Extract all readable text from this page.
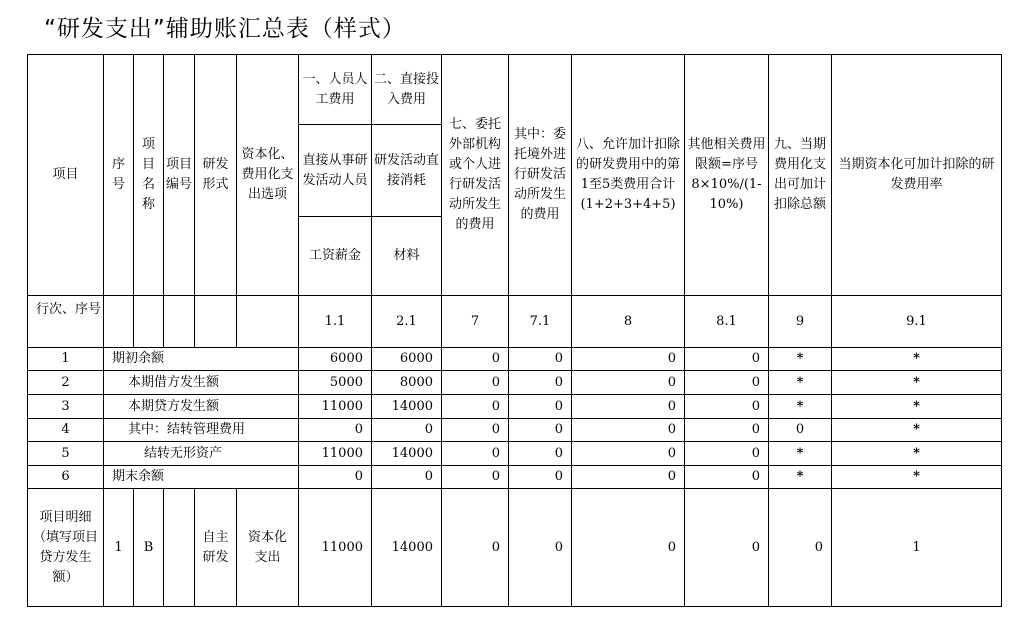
“研发支出”辅助账汇总表（样式）
项目	序号	项目名称	项目编号	研发形式	资本化、费用化支出选项	一、人员人工费用	二、直接投入费用	七、委托外部机构或个人进行研发活动所发生的费用	其中：委托境外进行研发活动所发生的费用	八、允许加计扣除的研发费用中的第1至5类费用合计(1+2+3+4+5)	其他相关费用限额=序号8×10%/(1-10%)	九、当期费用化支出可加计扣除总额	当期资本化可加计扣除的研发费用率
						直接从事研发活动人员	研发活动直接消耗						
						工资薪金	材料						
行次、序号						1.1	2.1	7	7.1	8	8.1	9	9.1
1	期初余额					6000	6000	0	0	0	0	*	*
2	本期借方发生额					5000	8000	0	0	0	0	*	*
3	本期贷方发生额					11000	14000	0	0	0	0	*	*
4	其中：结转管理费用					0	0	0	0	0	0	0	*
5	结转无形资产					11000	14000	0	0	0	0	*	*
6	期末余额					0	0	0	0	0	0	*	*
项目明细（填写项目贷方发生额）	1	B		自主研发	资本化支出	11000	14000	0	0	0	0	0	1
